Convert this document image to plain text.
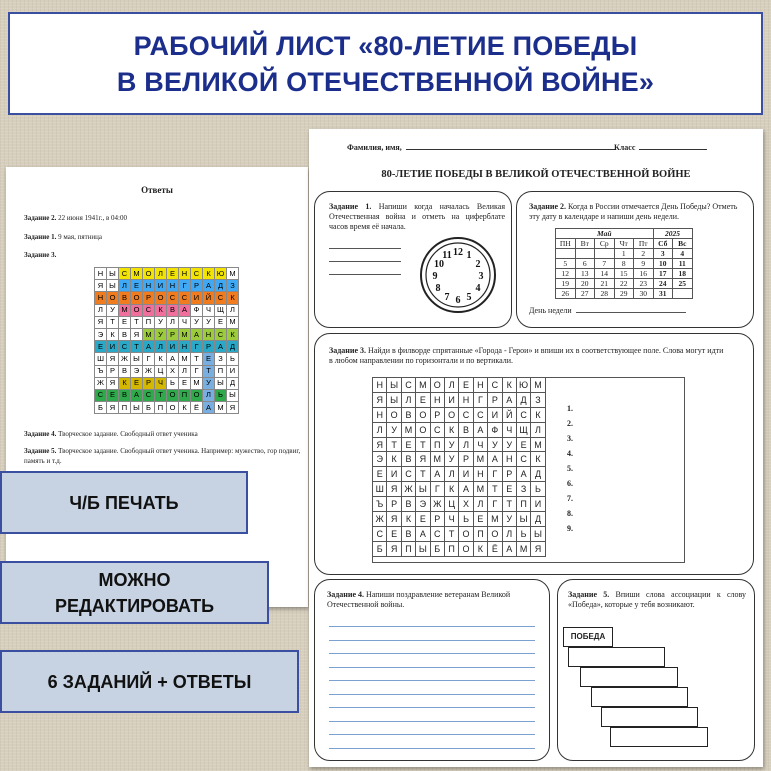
РАБОЧИЙ ЛИСТ «80-ЛЕТИЕ ПОБЕДЫ
В ВЕЛИКОЙ ОТЕЧЕСТВЕННОЙ ВОЙНЕ»
Ответы
Задание 2. 22 июня 1941г., в 04:00
Задание 1. 9 мая, пятница
Задание 3.
Задание 4. Творческое задание. Свободный ответ ученика
Задание 5. Творческое задание. Свободный ответ ученика. Например: мужество, гор подвиг, память и т.д.
Н	Ы	С	М	О	Л	Е	Н	С	К	Ю	М
Я	Ы	Л	Е	Н	И	Н	Г	Р	А	Д	З
Н	О	В	О	Р	О	С	С	И	Й	С	К
Л	У	М	О	С	К	В	А	Ф	Ч	Щ	Л
Я	Т	Е	Т	П	У	Л	Ч	У	У	Е	М
Э	К	В	Я	М	У	Р	М	А	Н	С	К
Е	И	С	Т	А	Л	И	Н	Г	Р	А	Д
Ш	Я	Ж	Ы	Г	К	А	М	Т	Е	З	Ь
Ъ	Р	В	Э	Ж	Ц	Х	Л	Г	Т	П	И
Ж	Я	К	Е	Р	Ч	Ь	Е	М	У	Ы	Д
С	Е	В	А	С	Т	О	П	О	Л	Ь	Ы
Б	Я	П	Ы	Б	П	О	К	Ё	А	М	Я
Фамилия, имя,	Класс
80-ЛЕТИЕ ПОБЕДЫ В ВЕЛИКОЙ ОТЕЧЕСТВЕННОЙ ВОЙНЕ
Задание 1. Напиши когда началась Великая Отечественная война и отметь на циферблате часов время её начала.
12 1
2
3
4
5
6
7
8
9
10
11
Задание 2. Когда в России отмечается День Победы? Отметь эту дату в календаре и напиши день недели.
Май					2025	
ПН	Вт	Ср	Чт	Пт	Сб	Вс
			1	2	3	4
5	6	7	8	9	10	11
12	13	14	15	16	17	18
19	20	21	22	23	24	25
26	27	28	29	30	31	
День недели
Задание 3. Найди в филворде спрятанные «Города - Герои» и впиши их в соответствующее поле. Слова могут идти в любом направлении по горизонтали и по вертикали.
Н	Ы	С	М	О	Л	Е	Н	С	К	Ю	М
Я	Ы	Л	Е	Н	И	Н	Г	Р	А	Д	З
Н	О	В	О	Р	О	С	С	И	Й	С	К
Л	У	М	О	С	К	В	А	Ф	Ч	Щ	Л
Я	Т	Е	Т	П	У	Л	Ч	У	У	Е	М
Э	К	В	Я	М	У	Р	М	А	Н	С	К
Е	И	С	Т	А	Л	И	Н	Г	Р	А	Д
Ш	Я	Ж	Ы	Г	К	А	М	Т	Е	З	Ь
Ъ	Р	В	Э	Ж	Ц	Х	Л	Г	Т	П	И
Ж	Я	К	Е	Р	Ч	Ь	Е	М	У	Ы	Д
С	Е	В	А	С	Т	О	П	О	Л	Ь	Ы
Б	Я	П	Ы	Б	П	О	К	Ё	А	М	Я
1.
2.
3.
4.
5.
6.
7.
8.
9.
Задание 4. Напиши поздравление ветеранам Великой Отечественной войны.
Задание 5. Впиши слова ассоциации к слову «Победа», которые у тебя возникают.
ПОБЕДА
Ч/Б ПЕЧАТЬ
МОЖНО
РЕДАКТИРОВАТЬ
6 ЗАДАНИЙ + ОТВЕТЫ
